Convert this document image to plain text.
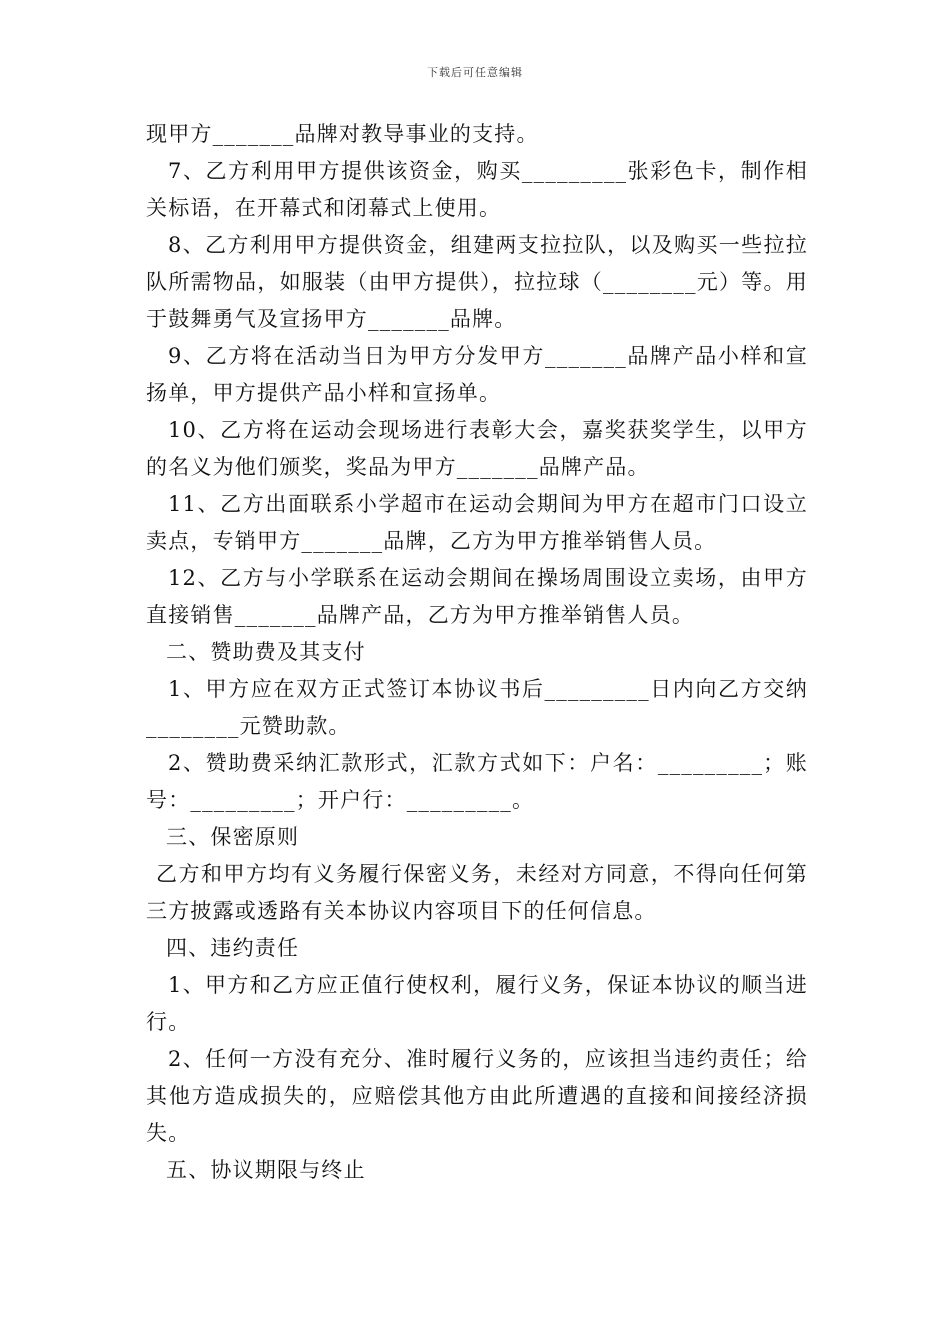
下载后可任意编辑

现甲方_______品牌对教导事业的支持。

7、乙方利用甲方提供该资金，购买_________张彩色卡，制作相关标语，在开幕式和闭幕式上使用。

8、乙方利用甲方提供资金，组建两支拉拉队，以及购买一些拉拉队所需物品，如服装（由甲方提供），拉拉球（________元）等。用于鼓舞勇气及宣扬甲方_______品牌。

9、乙方将在活动当日为甲方分发甲方_______品牌产品小样和宣扬单，甲方提供产品小样和宣扬单。

10、乙方将在运动会现场进行表彰大会，嘉奖获奖学生，以甲方的名义为他们颁奖，奖品为甲方_______品牌产品。

11、乙方出面联系小学超市在运动会期间为甲方在超市门口设立卖点，专销甲方_______品牌，乙方为甲方推举销售人员。

12、乙方与小学联系在运动会期间在操场周围设立卖场，由甲方直接销售_______品牌产品，乙方为甲方推举销售人员。

二、赞助费及其支付

1、甲方应在双方正式签订本协议书后_________日内向乙方交纳________元赞助款。

2、赞助费采纳汇款形式，汇款方式如下：户名：_________；账号：_________；开户行：_________。

三、保密原则

乙方和甲方均有义务履行保密义务，未经对方同意，不得向任何第三方披露或透路有关本协议内容项目下的任何信息。

四、违约责任

1、甲方和乙方应正值行使权利，履行义务，保证本协议的顺当进行。

2、任何一方没有充分、准时履行义务的，应该担当违约责任；给其他方造成损失的，应赔偿其他方由此所遭遇的直接和间接经济损失。

五、协议期限与终止
